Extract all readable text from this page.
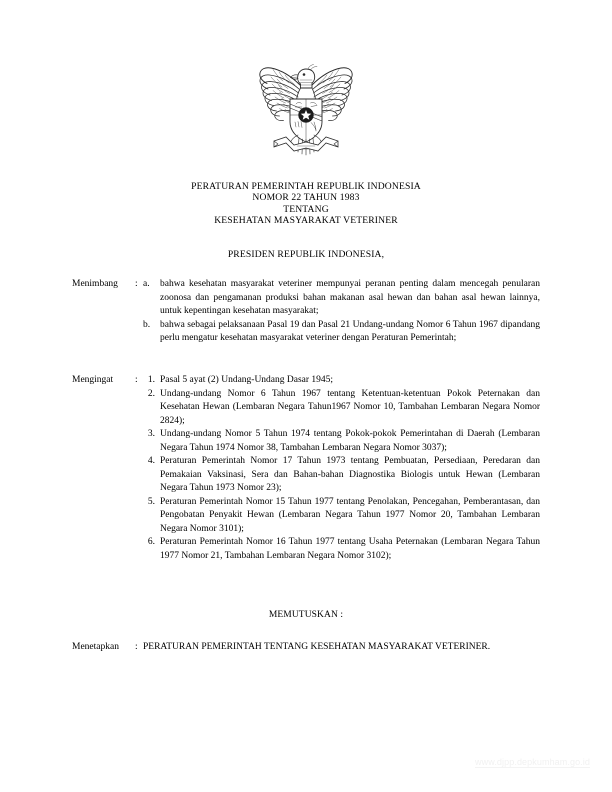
PERATURAN PEMERINTAH REPUBLIK INDONESIA
NOMOR 22 TAHUN 1983
TENTANG
KESEHATAN MASYARAKAT VETERINER
PRESIDEN REPUBLIK INDONESIA,
Menimbang	: a.	bahwa kesehatan masyarakat veteriner mempunyai peranan penting dalam mencegah penularan zoonosa dan pengamanan produksi bahan makanan asal hewan dan bahan asal hewan lainnya, untuk kepentingan kesehatan masyarakat;
b.	bahwa sebagai pelaksanaan Pasal 19 dan Pasal 21 Undang-undang Nomor 6 Tahun 1967 dipandang perlu mengatur kesehatan masyarakat veteriner dengan Peraturan Pemerintah;
Mengingat	:	1. Pasal 5 ayat (2) Undang-Undang Dasar 1945;
2. Undang-undang Nomor 6 Tahun 1967 tentang Ketentuan-ketentuan Pokok Peternakan dan Kesehatan Hewan (Lembaran Negara Tahun1967 Nomor 10, Tambahan Lembaran Negara Nomor 2824);
3. Undang-undang Nomor 5 Tahun 1974 tentang Pokok-pokok Pemerintahan di Daerah (Lembaran Negara Tahun 1974 Nomor 38, Tambahan Lembaran Negara Nomor 3037);
4. Peraturan Pemerintah Nomor 17 Tahun 1973 tentang Pembuatan, Persediaan, Peredaran dan Pemakaian Vaksinasi, Sera dan Bahan-bahan Diagnostika Biologis untuk Hewan (Lembaran Negara Tahun 1973 Nomor 23);
5. Peraturan Pemerintah Nomor 15 Tahun 1977 tentang Penolakan, Pencegahan, Pemberantasan, dan Pengobatan Penyakit Hewan (Lembaran Negara Tahun 1977 Nomor 20, Tambahan Lembaran Negara Nomor 3101);
6. Peraturan Pemerintah Nomor 16 Tahun 1977 tentang Usaha Peternakan (Lembaran Negara Tahun 1977 Nomor 21, Tambahan Lembaran Negara Nomor 3102);
MEMUTUSKAN :
Menetapkan	: PERATURAN PEMERINTAH TENTANG KESEHATAN MASYARAKAT VETERINER.
www.djpp.depkumham.go.id
